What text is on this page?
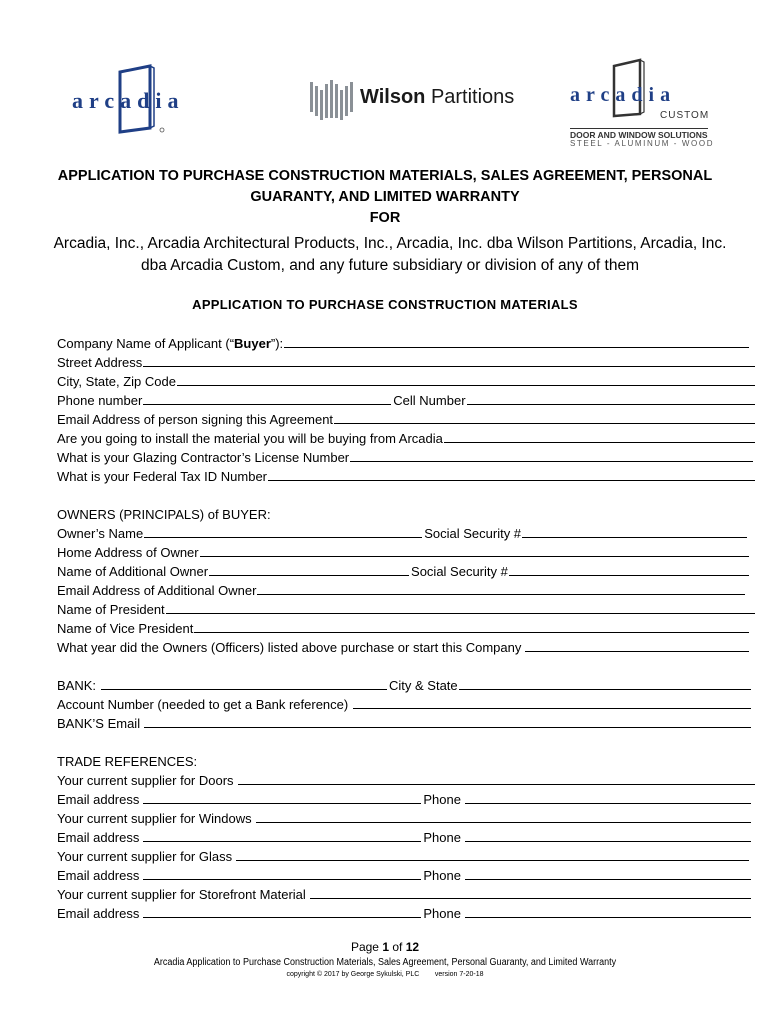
arcadia	Wilson Partitions	arcadia
CUSTOM
DOOR AND WINDOW SOLUTIONS
STEEL - ALUMINUM - WOOD
APPLICATION TO PURCHASE CONSTRUCTION MATERIALS, SALES AGREEMENT, PERSONAL
GUARANTY, AND LIMITED WARRANTY
FOR
Arcadia, Inc., Arcadia Architectural Products, Inc., Arcadia, Inc. dba Wilson Partitions, Arcadia, Inc.
dba Arcadia Custom, and any future subsidiary or division of any of them
APPLICATION TO PURCHASE CONSTRUCTION MATERIALS
Company Name of Applicant (“Buyer”):
Street Address
City, State, Zip Code
Phone number	Cell Number
Email Address of person signing this Agreement
Are you going to install the material you will be buying from Arcadia
What is your Glazing Contractor’s License Number
What is your Federal Tax ID Number
OWNERS (PRINCIPALS) of BUYER:
Owner’s Name	Social Security #
Home Address of Owner
Name of Additional Owner	Social Security #
Email Address of Additional Owner
Name of President
Name of Vice President
What year did the Owners (Officers) listed above purchase or start this Company
BANK:	City & State
Account Number (needed to get a Bank reference)
BANK’S Email
TRADE REFERENCES:
Your current supplier for Doors
Email address	Phone
Your current supplier for Windows
Email address	Phone
Your current supplier for Glass
Email address	Phone
Your current supplier for Storefront Material
Email address	Phone
Page 1 of 12
Arcadia Application to Purchase Construction Materials, Sales Agreement, Personal Guaranty, and Limited Warranty
copyright © 2017 by George Sykulski, PLC version 7-20-18
